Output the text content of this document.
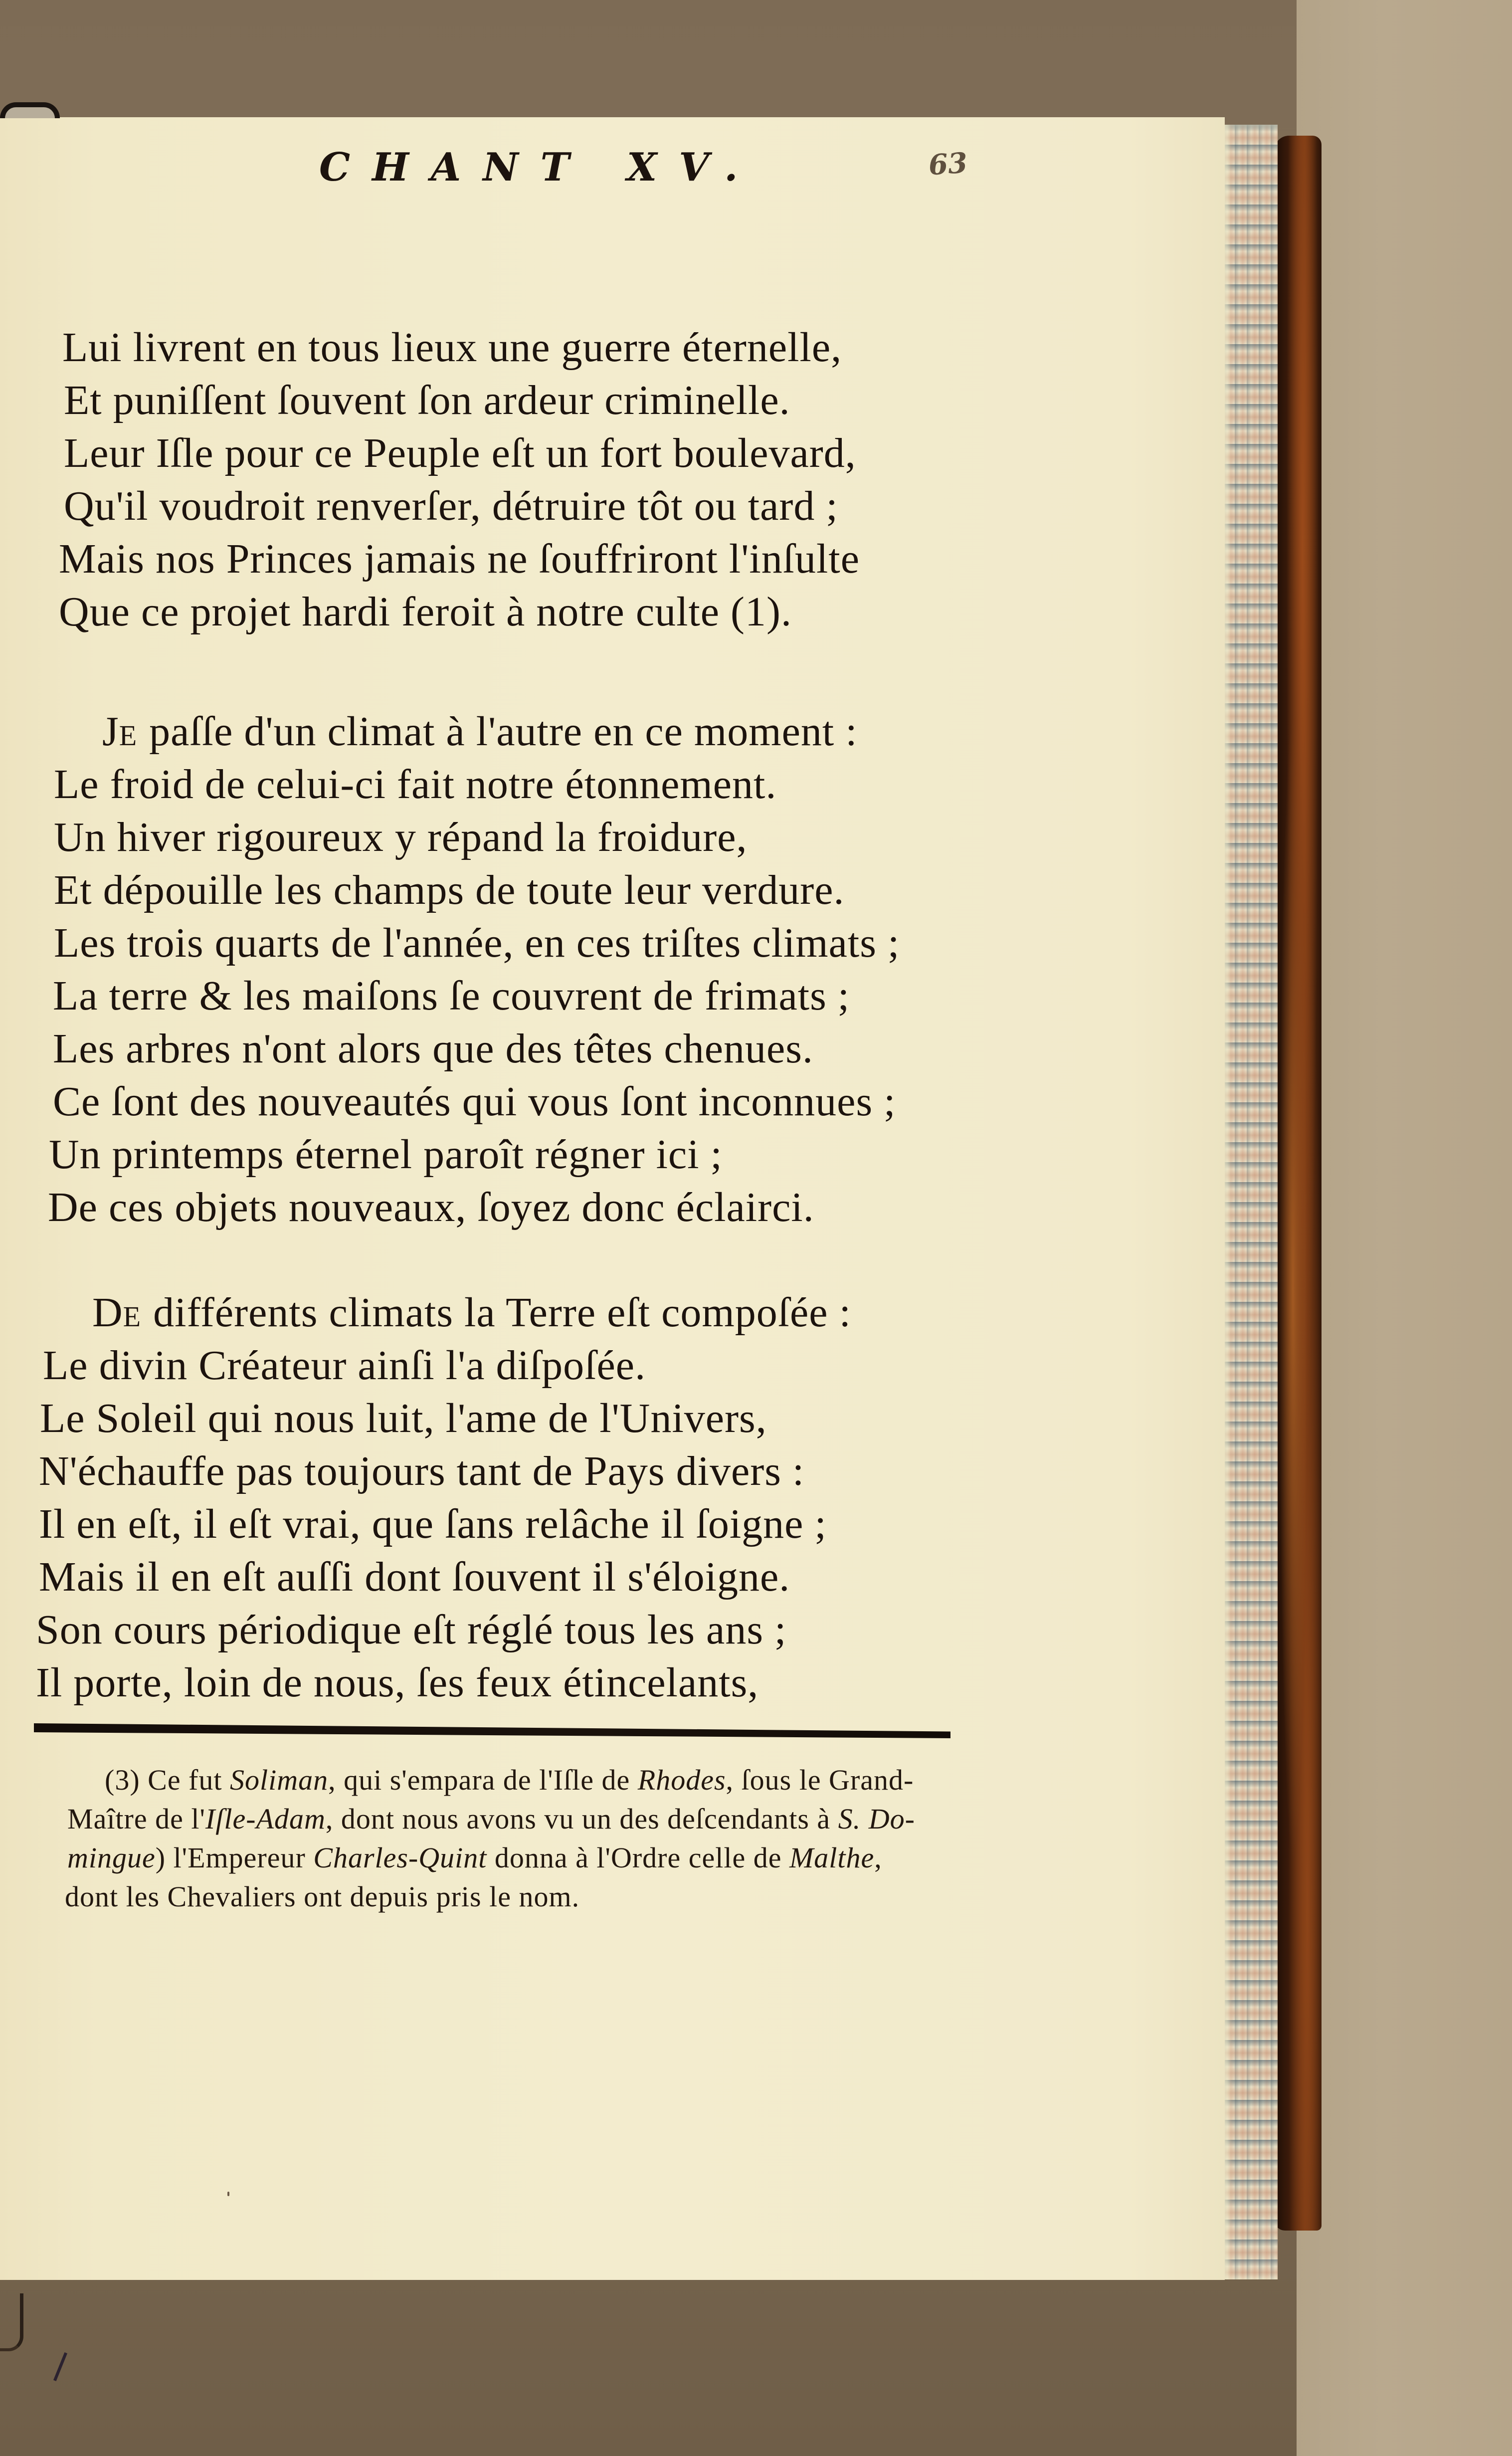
CHANT XV.	63
Lui livrent en tous lieux une guerre éternelle,
Et puniſſent ſouvent ſon ardeur criminelle.
Leur Iſle pour ce Peuple eſt un fort boulevard,
Qu'il voudroit renverſer, détruire tôt ou tard ;
Mais nos Princes jamais ne ſouffriront l'inſulte
Que ce projet hardi feroit à notre culte (1).
JE paſſe d'un climat à l'autre en ce moment :
Le froid de celui-ci fait notre étonnement.
Un hiver rigoureux y répand la froidure,
Et dépouille les champs de toute leur verdure.
Les trois quarts de l'année, en ces triſtes climats ;
La terre & les maiſons ſe couvrent de frimats ;
Les arbres n'ont alors que des têtes chenues.
Ce ſont des nouveautés qui vous ſont inconnues ;
Un printemps éternel paroît régner ici ;
De ces objets nouveaux, ſoyez donc éclairci.
DE différents climats la Terre eſt compoſée :
Le divin Créateur ainſi l'a diſpoſée.
Le Soleil qui nous luit, l'ame de l'Univers,
N'échauffe pas toujours tant de Pays divers :
Il en eſt, il eſt vrai, que ſans relâche il ſoigne ;
Mais il en eſt auſſi dont ſouvent il s'éloigne.
Son cours périodique eſt réglé tous les ans ;
Il porte, loin de nous, ſes feux étincelants,
(3) Ce fut Soliman, qui s'empara de l'Iſle de Rhodes, ſous le Grand-
Maître de l'Iſle-Adam, dont nous avons vu un des deſcendants à S. Do-
mingue) l'Empereur Charles-Quint donna à l'Ordre celle de Malthe,
dont les Chevaliers ont depuis pris le nom.
